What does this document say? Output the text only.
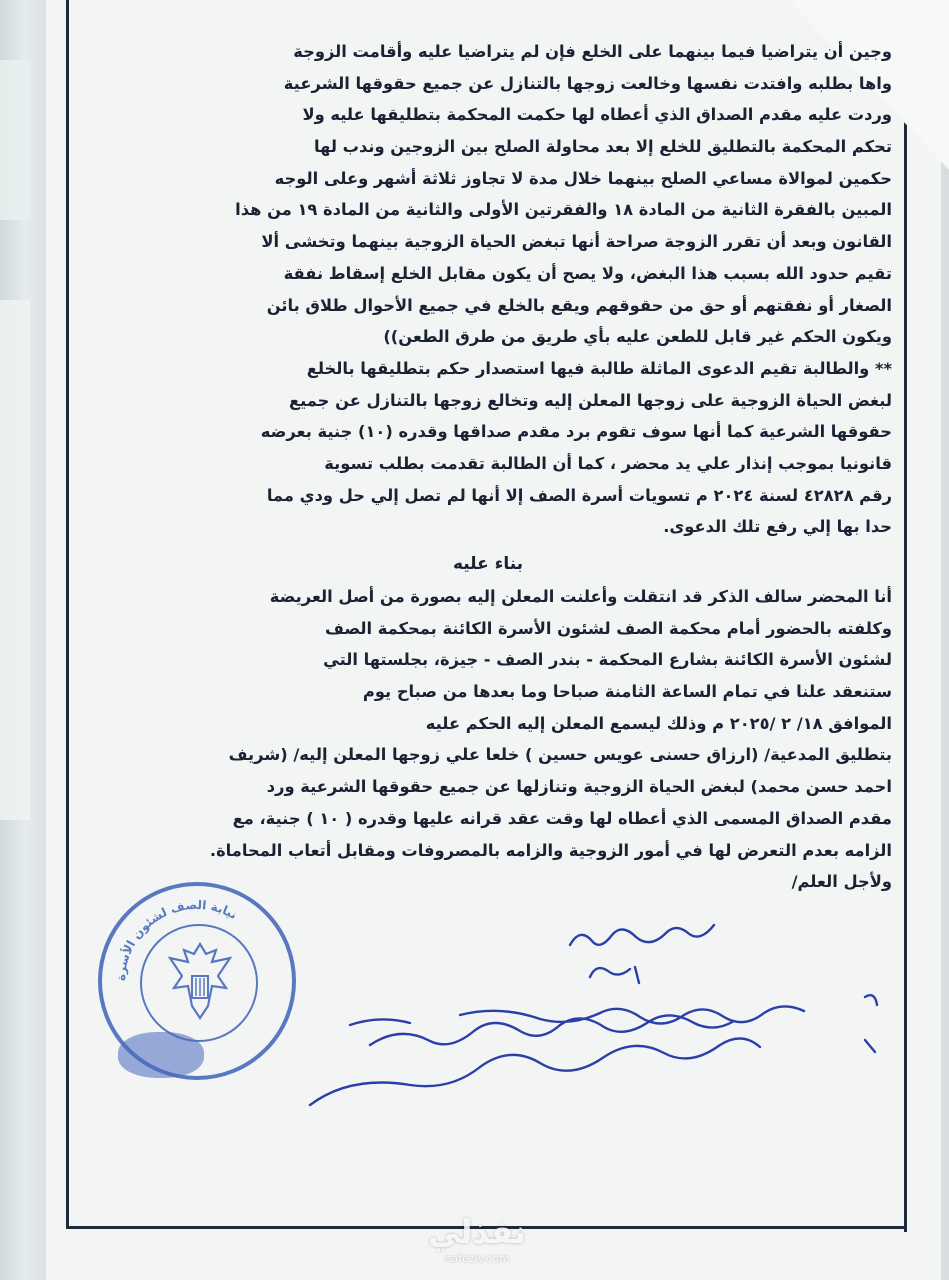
وجين أن يتراضيا فيما بينهما على الخلع فإن لم يتراضيا عليه وأقامت الزوجة
واها بطلبه وافتدت نفسها وخالعت زوجها بالتنازل عن جميع حقوقها الشرعية
وردت عليه مقدم الصداق الذي أعطاه لها حكمت المحكمة بتطليقها عليه ولا
تحكم المحكمة بالتطليق للخلع إلا بعد محاولة الصلح بين الزوجين وندب لها
حكمين لموالاة مساعي الصلح بينهما خلال مدة لا تجاوز ثلاثة أشهر وعلى الوجه
المبين بالفقرة الثانية من المادة ١٨ والفقرتين الأولى والثانية من المادة ١٩ من هذا
القانون وبعد أن تقرر الزوجة صراحة أنها تبغض الحياة الزوجية بينهما وتخشى ألا
تقيم حدود الله بسبب هذا البغض، ولا يصح أن يكون مقابل الخلع إسقاط نفقة
الصغار أو نفقتهم أو حق من حقوقهم ويقع بالخلع في جميع الأحوال طلاق بائن
ويكون الحكم غير قابل للطعن عليه بأي طريق من طرق الطعن))
** والطالبة تقيم الدعوى الماثلة طالبة فيها استصدار حكم بتطليقها بالخلع
لبغض الحياة الزوجية على زوجها المعلن إليه وتخالع زوجها بالتنازل عن جميع
حقوقها الشرعية كما أنها سوف تقوم برد مقدم صداقها وقدره (١٠) جنية بعرضه
قانونيا بموجب إنذار علي يد محضر ، كما أن الطالبة تقدمت بطلب تسوية
رقم ٤٢٨٢٨ لسنة ٢٠٢٤ م تسويات أسرة الصف إلا أنها لم تصل إلي حل ودي مما
حدا بها إلي رفع تلك الدعوى.
بناء عليه
أنا المحضر سالف الذكر قد انتقلت وأعلنت المعلن إليه بصورة من أصل العريضة
وكلفته بالحضور أمام محكمة الصف لشئون الأسرة الكائنة بمحكمة الصف
لشئون الأسرة الكائنة بشارع المحكمة - بندر الصف - جيزة، بجلستها التي
ستنعقد علنا في تمام الساعة الثامنة صباحا وما بعدها من صباح يوم
الموافق ١٨/ ٢ /٢٠٢٥ م وذلك ليسمع المعلن إليه الحكم عليه
بتطليق المدعية/ (ارزاق حسنى عويس حسين ) خلعا علي زوجها المعلن إليه/ (شريف
احمد حسن محمد) لبغض الحياة الزوجية وتنازلها عن جميع حقوقها الشرعية ورد
مقدم الصداق المسمى الذي أعطاه لها وقت عقد قرانه عليها وقدره ( ١٠ ) جنية، مع
الزامه بعدم التعرض لها في أمور الزوجية والزامه بالمصروفات ومقابل أتعاب المحاماة.
ولأجل العلم/
نيابة الصف لشئون الأسرة
نفذلي
nafezly.com
